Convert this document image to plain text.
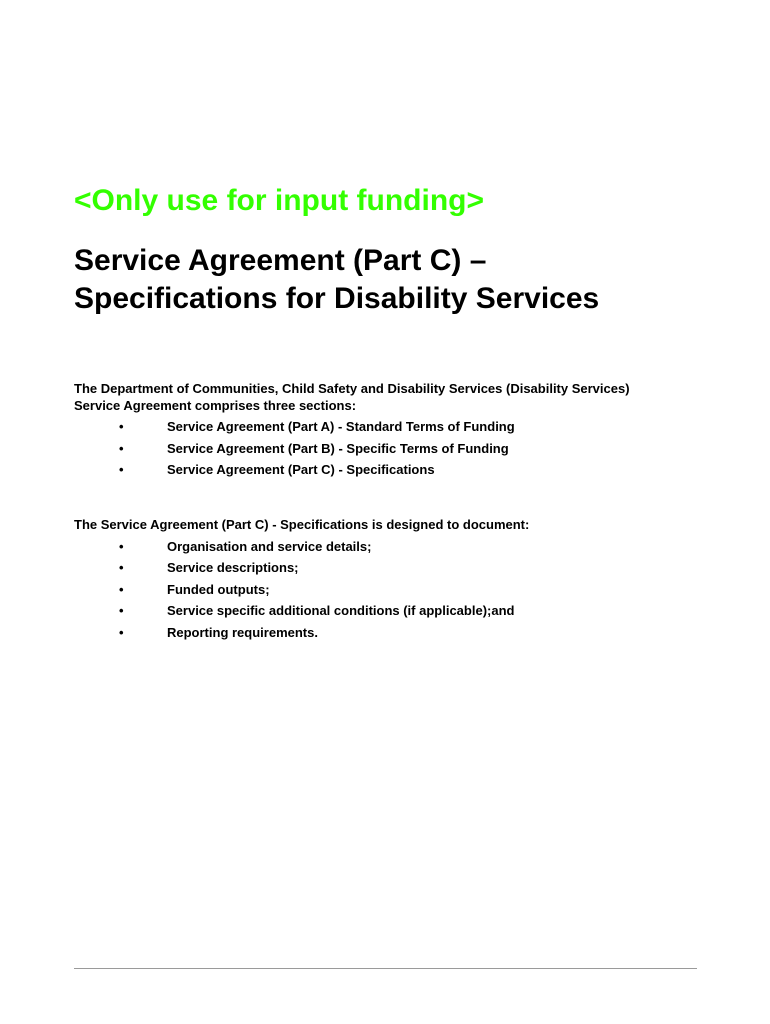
<Only use for input funding>
Service Agreement (Part C) –
Specifications for Disability Services

The Department of Communities, Child Safety and Disability Services (Disability Services)
Service Agreement comprises three sections:

•	Service Agreement (Part A) - Standard Terms of Funding
•	Service Agreement (Part B) - Specific Terms of Funding
•	Service Agreement (Part C) - Specifications

The Service Agreement (Part C) - Specifications is designed to document:

•	Organisation and service details;
•	Service descriptions;
•	Funded outputs;
•	Service specific additional conditions (if applicable);and
•	Reporting requirements.
